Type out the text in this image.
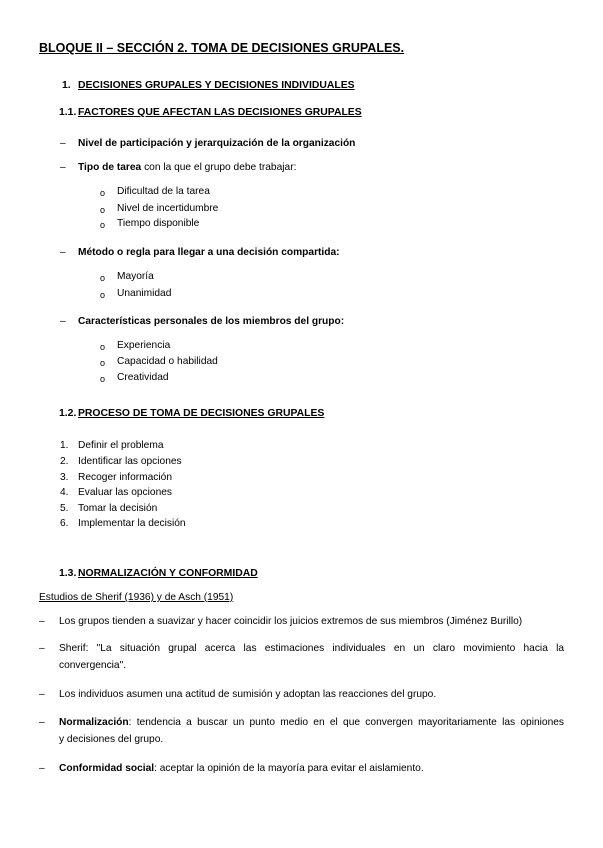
BLOQUE II – SECCIÓN 2. TOMA DE DECISIONES GRUPALES.
1. DECISIONES GRUPALES Y DECISIONES INDIVIDUALES
1.1. FACTORES QUE AFECTAN LAS DECISIONES GRUPALES
– Nivel de participación y jerarquización de la organización
– Tipo de tarea con la que el grupo debe trabajar:
o Dificultad de la tarea
o Nivel de incertidumbre
o Tiempo disponible
– Método o regla para llegar a una decisión compartida:
o Mayoría
o Unanimidad
– Características personales de los miembros del grupo:
o Experiencia
o Capacidad o habilidad
o Creatividad
1.2. PROCESO DE TOMA DE DECISIONES GRUPALES
1. Definir el problema
2. Identificar las opciones
3. Recoger información
4. Evaluar las opciones
5. Tomar la decisión
6. Implementar la decisión
1.3. NORMALIZACIÓN Y CONFORMIDAD
Estudios de Sherif (1936) y de Asch (1951)
– Los grupos tienden a suavizar y hacer coincidir los juicios extremos de sus miembros (Jiménez Burillo)
– Sherif: "La situación grupal acerca las estimaciones individuales en un claro movimiento hacia la
convergencia".
– Los individuos asumen una actitud de sumisión y adoptan las reacciones del grupo.
– Normalización: tendencia a buscar un punto medio en el que convergen mayoritariamente las opiniones
y decisiones del grupo.
– Conformidad social: aceptar la opinión de la mayoría para evitar el aislamiento.
